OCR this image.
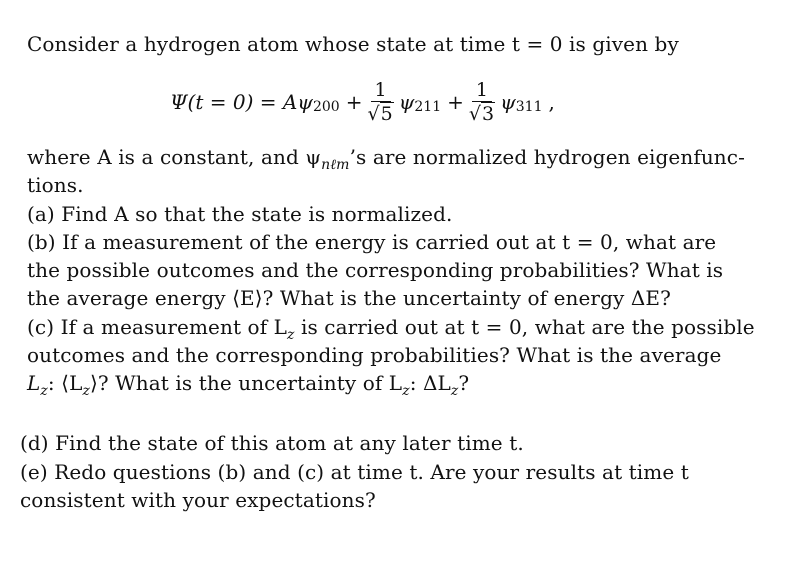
Consider a hydrogen atom whose state at time t = 0 is given by
Ψ(t = 0) = Aψ $200 + \frac{1}{√5}$ ψ $211 + \frac{1}{√3}$ ψ 311 ,
where A is a constant, and $\psi_{n\ell m}’s$ are normalized hydrogen eigenfunc-
tions.
(a) Find A so that the state is normalized.
(b) If a measurement of the energy is carried out at t = 0, what are
the possible outcomes and the corresponding probabilities? What is
the average energy ⟨E⟩? What is the uncertainty of energy ΔE?
(c) If a measurement of $L_z$ is carried out at t = 0, what are the possible
outcomes and the corresponding probabilities? What is the average
$L_z$: $⟨L_z⟩$? What is the uncertainty of $L_z$: $\Delta L_z$?
(d) Find the state of this atom at any later time t.
(e) Redo questions (b) and (c) at time t. Are your results at time t
consistent with your expectations?
